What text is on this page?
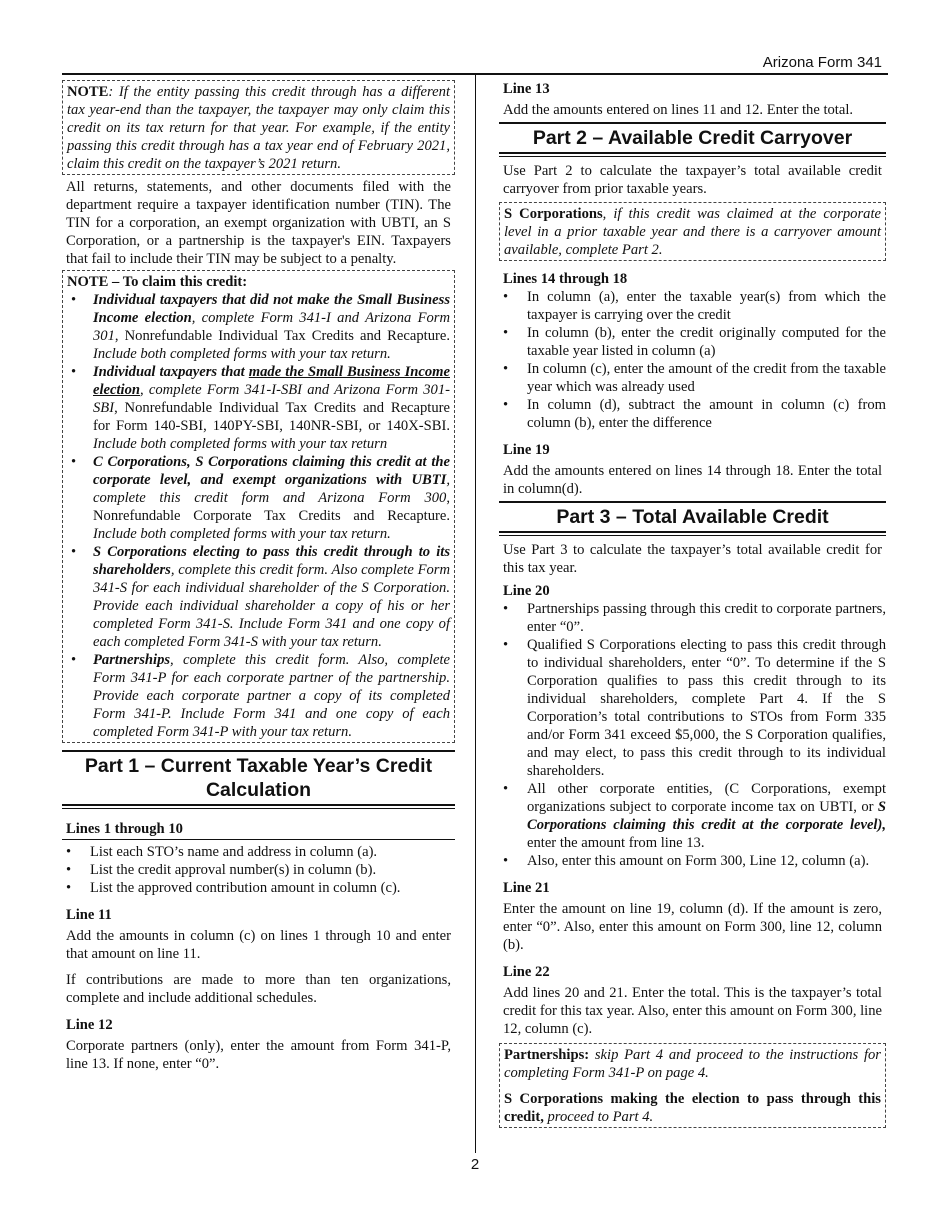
Arizona Form 341
NOTE: If the entity passing this credit through has a different tax year-end than the taxpayer, the taxpayer may only claim this credit on its tax return for that year. For example, if the entity passing this credit through has a tax year end of February 2021, claim this credit on the taxpayer’s 2021 return.

All returns, statements, and other documents filed with the department require a taxpayer identification number (TIN). The TIN for a corporation, an exempt organization with UBTI, an S Corporation, or a partnership is the taxpayer's EIN. Taxpayers that fail to include their TIN may be subject to a penalty.

NOTE – To claim this credit:
• Individual taxpayers that did not make the Small Business Income election, complete Form 341-I and Arizona Form 301, Nonrefundable Individual Tax Credits and Recapture. Include both completed forms with your tax return.
• Individual taxpayers that made the Small Business Income election, complete Form 341-I-SBI and Arizona Form 301-SBI, Nonrefundable Individual Tax Credits and Recapture for Form 140-SBI, 140PY-SBI, 140NR-SBI, or 140X-SBI. Include both completed forms with your tax return
• C Corporations, S Corporations claiming this credit at the corporate level, and exempt organizations with UBTI, complete this credit form and Arizona Form 300, Nonrefundable Corporate Tax Credits and Recapture. Include both completed forms with your tax return.
• S Corporations electing to pass this credit through to its shareholders, complete this credit form. Also complete Form 341-S for each individual shareholder of the S Corporation. Provide each individual shareholder a copy of his or her completed Form 341-S. Include Form 341 and one copy of each completed Form 341-S with your tax return.
• Partnerships, complete this credit form. Also, complete Form 341-P for each corporate partner of the partnership. Provide each corporate partner a copy of its completed Form 341-P. Include Form 341 and one copy of each completed Form 341-P with your tax return.
Part 1 – Current Taxable Year’s Credit Calculation
Lines 1 through 10
• List each STO’s name and address in column (a).
• List the credit approval number(s) in column (b).
• List the approved contribution amount in column (c).
Line 11

Add the amounts in column (c) on lines 1 through 10 and enter that amount on line 11.

If contributions are made to more than ten organizations, complete and include additional schedules.

Line 12

Corporate partners (only), enter the amount from Form 341-P, line 13. If none, enter “0”.

Line 13

Add the amounts entered on lines 11 and 12. Enter the total.

Part 2 – Available Credit Carryover

Use Part 2 to calculate the taxpayer’s total available credit carryover from prior taxable years.

S Corporations, if this credit was claimed at the corporate level in a prior taxable year and there is a carryover amount available, complete Part 2.
Lines 14 through 18
• In column (a), enter the taxable year(s) from which the taxpayer is carrying over the credit
• In column (b), enter the credit originally computed for the taxable year listed in column (a)
• In column (c), enter the amount of the credit from the taxable year which was already used
• In column (d), subtract the amount in column (c) from column (b), enter the difference
Line 19

Add the amounts entered on lines 14 through 18. Enter the total in column(d).

Part 3 – Total Available Credit

Use Part 3 to calculate the taxpayer’s total available credit for this tax year.

Line 20
• Partnerships passing through this credit to corporate partners, enter “0”.
• Qualified S Corporations electing to pass this credit through to individual shareholders, enter “0”. To determine if the S Corporation qualifies to pass this credit through to its individual shareholders, complete Part 4. If the S Corporation’s total contributions to STOs from Form 335 and/or Form 341 exceed $5,000, the S Corporation qualifies, and may elect, to pass this credit through to its individual shareholders.
• All other corporate entities, (C Corporations, exempt organizations subject to corporate income tax on UBTI, or S Corporations claiming this credit at the corporate level), enter the amount from line 13.
• Also, enter this amount on Form 300, Line 12, column (a).
Line 21

Enter the amount on line 19, column (d). If the amount is zero, enter “0”. Also, enter this amount on Form 300, line 12, column (b).

Line 22

Add lines 20 and 21. Enter the total. This is the taxpayer’s total credit for this tax year. Also, enter this amount on Form 300, line 12, column (c).

Partnerships: skip Part 4 and proceed to the instructions for completing Form 341-P on page 4.
S Corporations making the election to pass through this credit, proceed to Part 4.
2
